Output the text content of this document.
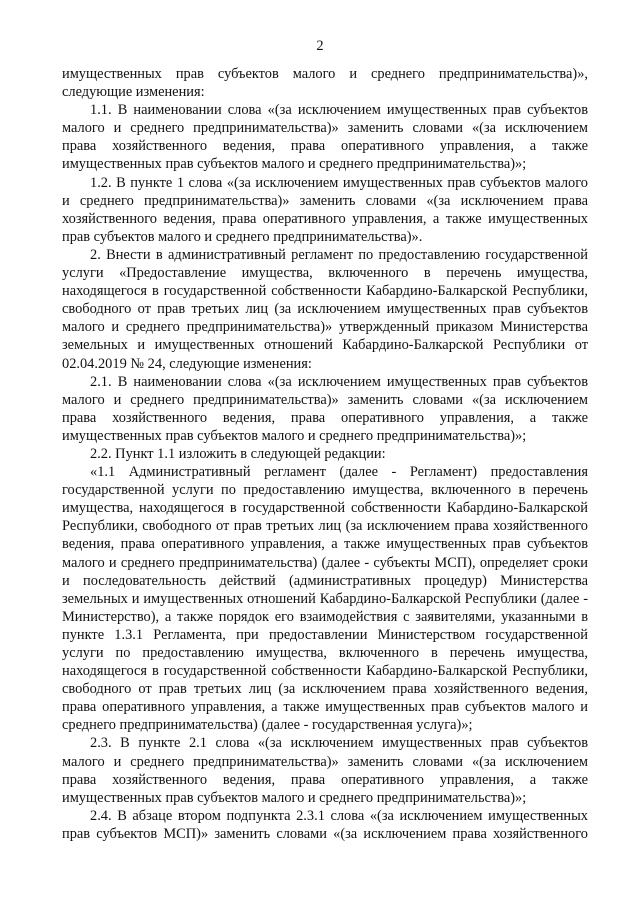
2

имущественных прав субъектов малого и среднего предпринимательства)», следующие изменения:

1.1. В наименовании слова «(за исключением имущественных прав субъектов малого и среднего предпринимательства)» заменить словами «(за исключением права хозяйственного ведения, права оперативного управления, а также имущественных прав субъектов малого и среднего предпринимательства)»;

1.2. В пункте 1 слова «(за исключением имущественных прав субъектов малого и среднего предпринимательства)» заменить словами «(за исключением права хозяйственного ведения, права оперативного управления, а также имущественных прав субъектов малого и среднего предпринимательства)».

2. Внести в административный регламент по предоставлению государственной услуги «Предоставление имущества, включенного в перечень имущества, находящегося в государственной собственности Кабардино-Балкарской Республики, свободного от прав третьих лиц (за исключением имущественных прав субъектов малого и среднего предпринимательства)» утвержденный приказом Министерства земельных и имущественных отношений Кабардино-Балкарской Республики от 02.04.2019 № 24, следующие изменения:

2.1. В наименовании слова «(за исключением имущественных прав субъектов малого и среднего предпринимательства)» заменить словами «(за исключением права хозяйственного ведения, права оперативного управления, а также имущественных прав субъектов малого и среднего предпринимательства)»;

2.2. Пункт 1.1 изложить в следующей редакции:

«1.1 Административный регламент (далее - Регламент) предоставления государственной услуги по предоставлению имущества, включенного в перечень имущества, находящегося в государственной собственности Кабардино-Балкарской Республики, свободного от прав третьих лиц (за исключением права хозяйственного ведения, права оперативного управления, а также имущественных прав субъектов малого и среднего предпринимательства) (далее - субъекты МСП), определяет сроки и последовательность действий (административных процедур) Министерства земельных и имущественных отношений Кабардино-Балкарской Республики (далее - Министерство), а также порядок его взаимодействия с заявителями, указанными в пункте 1.3.1 Регламента, при предоставлении Министерством государственной услуги по предоставлению имущества, включенного в перечень имущества, находящегося в государственной собственности Кабардино-Балкарской Республики, свободного от прав третьих лиц (за исключением права хозяйственного ведения, права оперативного управления, а также имущественных прав субъектов малого и среднего предпринимательства) (далее - государственная услуга)»;

2.3. В пункте 2.1 слова «(за исключением имущественных прав субъектов малого и среднего предпринимательства)» заменить словами «(за исключением права хозяйственного ведения, права оперативного управления, а также имущественных прав субъектов малого и среднего предпринимательства)»;

2.4. В абзаце втором подпункта 2.3.1 слова «(за исключением имущественных прав субъектов МСП)» заменить словами «(за исключением права хозяйственного
